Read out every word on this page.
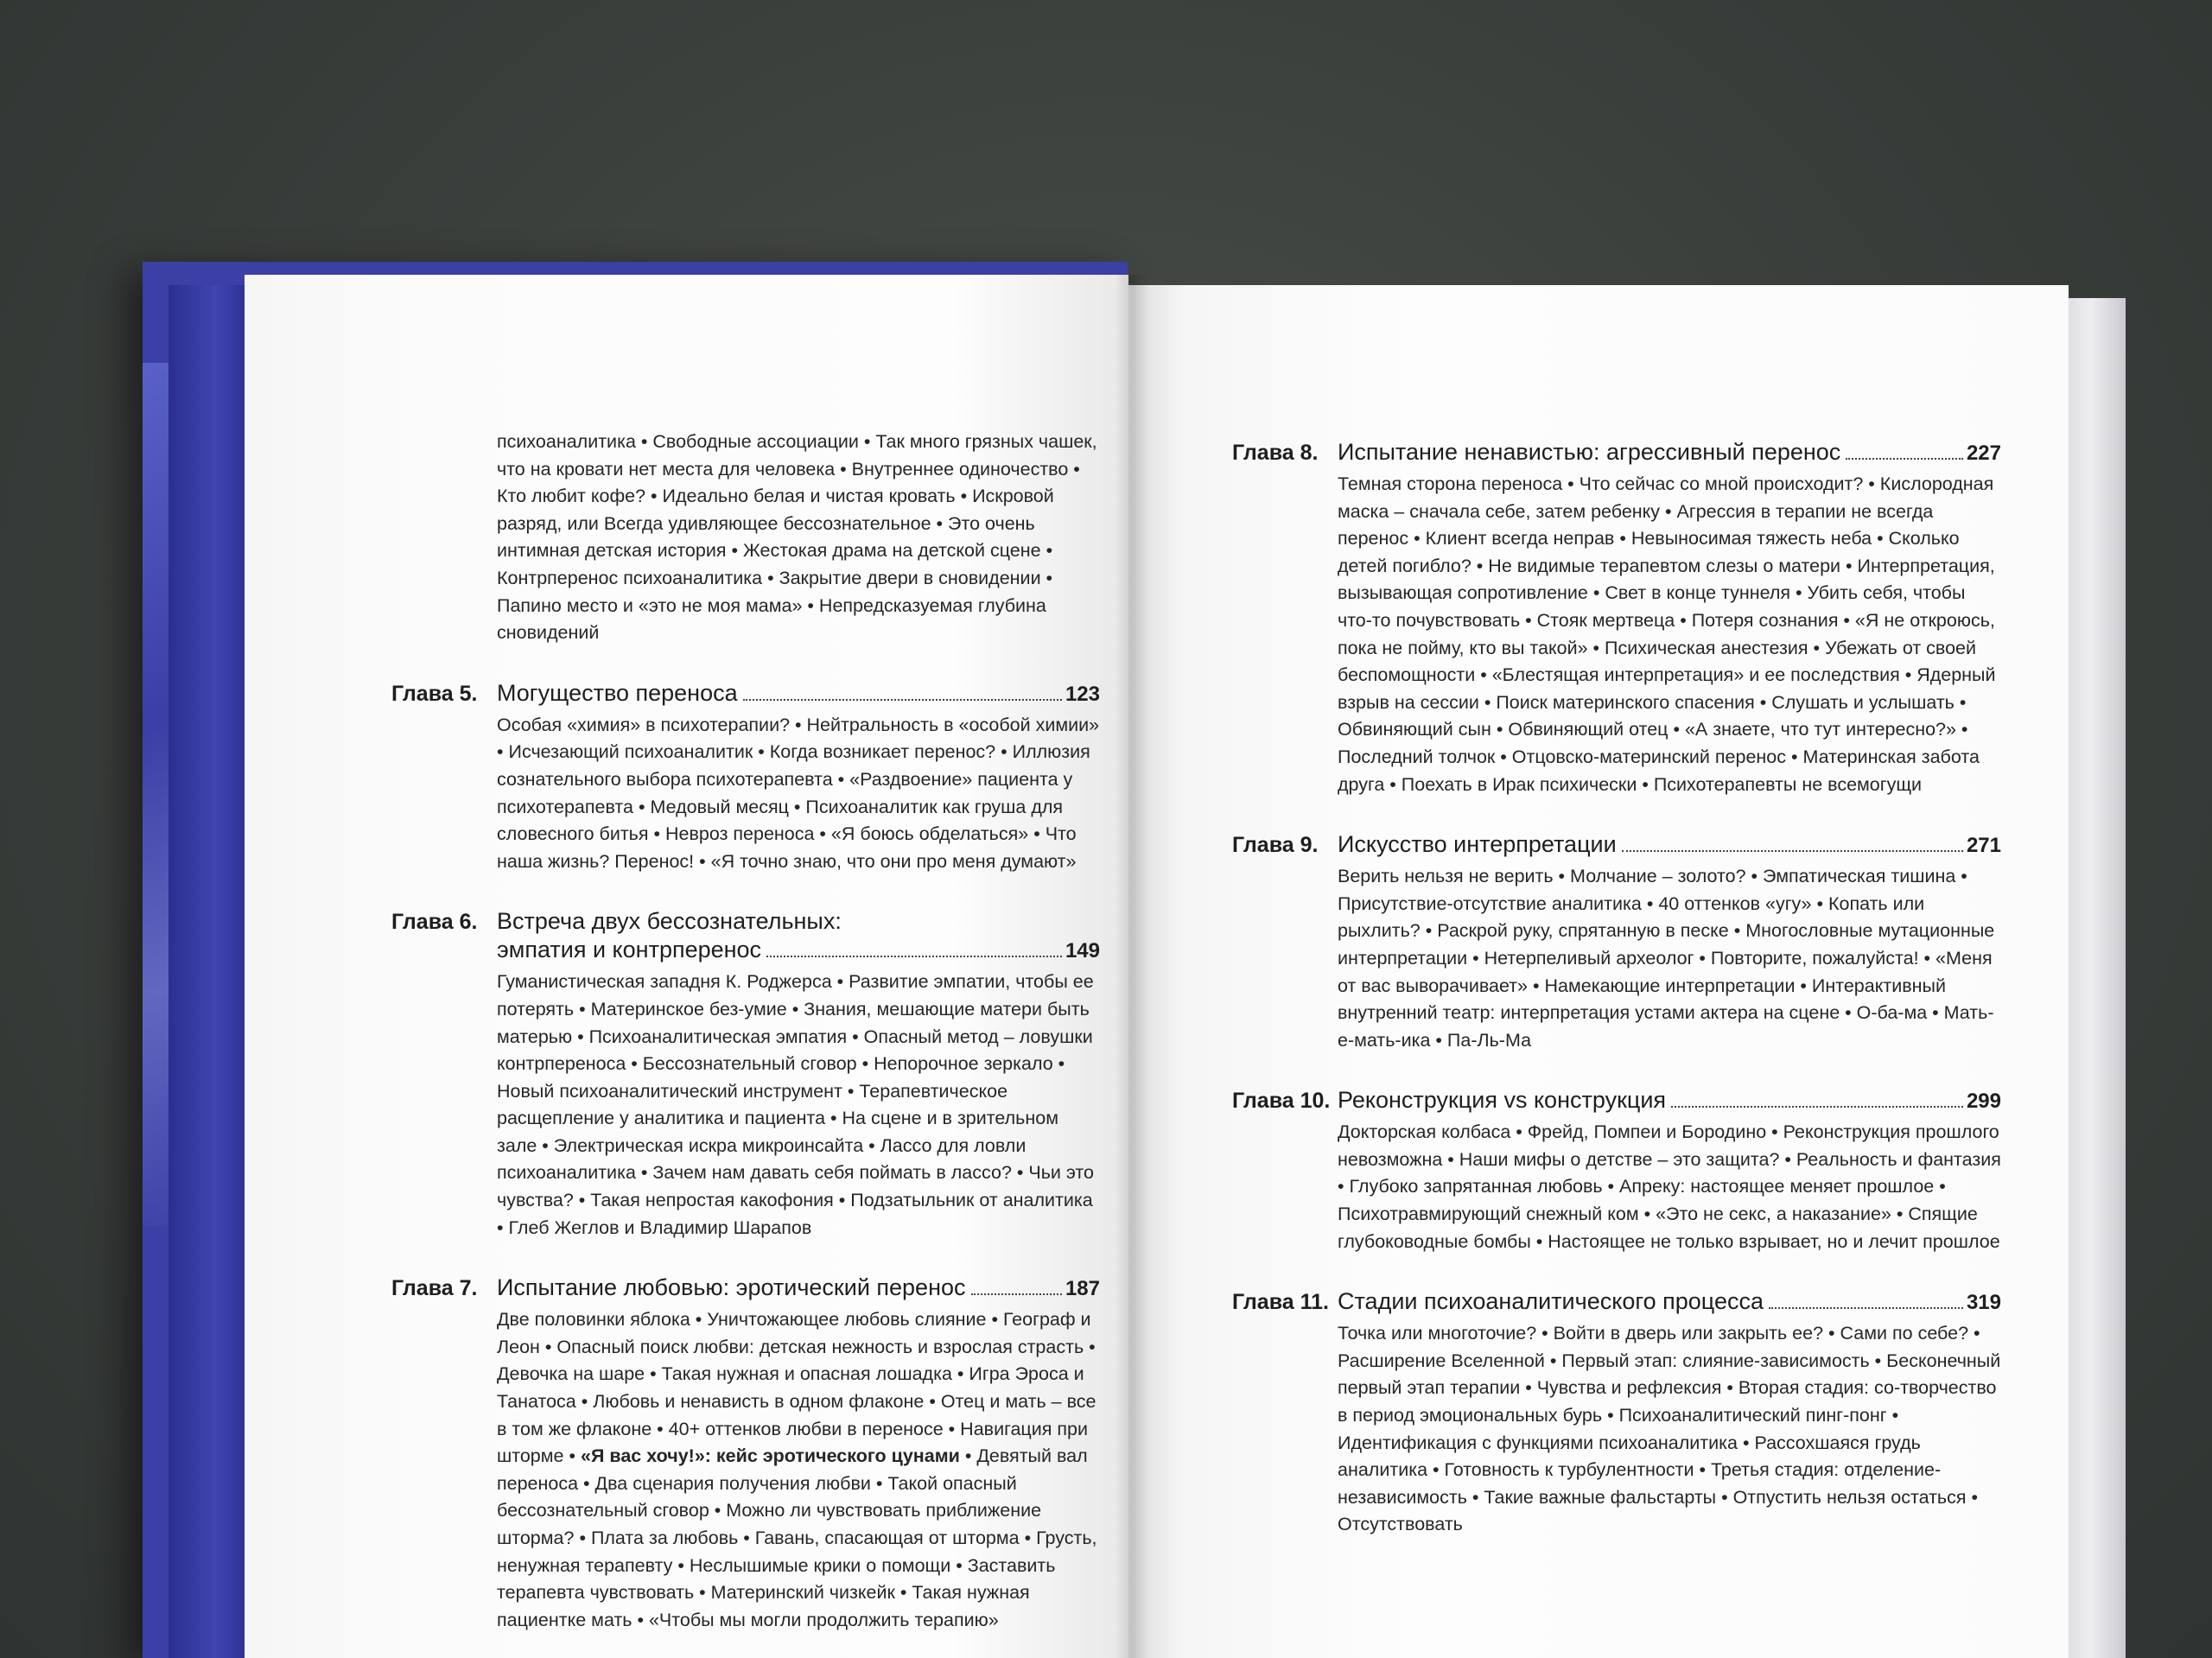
психоаналитика • Свободные ассоциации • Так много грязных чашек, что на кровати нет места для человека • Внутреннее одиночество • Кто любит кофе? • Идеально белая и чистая кровать • Искровой разряд, или Всегда удивляющее бессознательное • Это очень интимная детская история • Жестокая драма на детской сцене • Контрперенос психоаналитика • Закрытие двери в сновидении • Папино место и «это не моя мама» • Непредсказуемая глубина сновидений
Глава 5. Могущество переноса	123
Особая «химия» в психотерапии? • Нейтральность в «особой химии» • Исчезающий психоаналитик • Когда возникает перенос? • Иллюзия сознательного выбора психотерапевта • «Раздвоение» пациента у психотерапевта • Медовый месяц • Психоаналитик как груша для словесного битья • Невроз переноса • «Я боюсь обделаться» • Что наша жизнь? Перенос! • «Я точно знаю, что они про меня думают»
Глава 6. Встреча двух бессознательных:
эмпатия и контрперенос	149
Гуманистическая западня К. Роджерса • Развитие эмпатии, чтобы ее потерять • Материнское без-умие • Знания, мешающие матери быть матерью • Психоаналитическая эмпатия • Опасный метод – ловушки контрпереноса • Бессознательный сговор • Непорочное зеркало • Новый психоаналитический инструмент • Терапевтическое расщепление у аналитика и пациента • На сцене и в зрительном зале • Электрическая искра микроинсайта • Лассо для ловли психоаналитика • Зачем нам давать себя поймать в лассо? • Чьи это чувства? • Такая непростая какофония • Подзатыльник от аналитика • Глеб Жеглов и Владимир Шарапов
Глава 7. Испытание любовью: эротический перенос	187
Две половинки яблока • Уничтожающее любовь слияние • Географ и Леон • Опасный поиск любви: детская нежность и взрослая страсть • Девочка на шаре • Такая нужная и опасная лошадка • Игра Эроса и Танатоса • Любовь и ненависть в одном флаконе • Отец и мать – все в том же флаконе • 40+ оттенков любви в переносе • Навигация при шторме • «Я вас хочу!»: кейс эротического цунами • Девятый вал переноса • Два сценария получения любви • Такой опасный бессознательный сговор • Можно ли чувствовать приближение шторма? • Плата за любовь • Гавань, спасающая от шторма • Грусть, ненужная терапевту • Неслышимые крики о помощи • Заставить терапевта чувствовать • Материнский чизкейк • Такая нужная пациентке мать • «Чтобы мы могли продолжить терапию»
Глава 8. Испытание ненавистью: агрессивный перенос	227
Темная сторона переноса • Что сейчас со мной происходит? • Кислородная маска – сначала себе, затем ребенку • Агрессия в терапии не всегда перенос • Клиент всегда неправ • Невыносимая тяжесть неба • Сколько детей погибло? • Не видимые терапевтом слезы о матери • Интерпретация, вызывающая сопротивление • Свет в конце туннеля • Убить себя, чтобы что-то почувствовать • Стояк мертвеца • Потеря сознания • «Я не откроюсь, пока не пойму, кто вы такой» • Психическая анестезия • Убежать от своей беспомощности • «Блестящая интерпретация» и ее последствия • Ядерный взрыв на сессии • Поиск материнского спасения • Слушать и услышать • Обвиняющий сын • Обвиняющий отец • «А знаете, что тут интересно?» • Последний толчок • Отцовско-материнский перенос • Материнская забота друга • Поехать в Ирак психически • Психотерапевты не всемогущи
Глава 9. Искусство интерпретации	271
Верить нельзя не верить • Молчание – золото? • Эмпатическая тишина • Присутствие-отсутствие аналитика • 40 оттенков «угу» • Копать или рыхлить? • Раскрой руку, спрятанную в песке • Многословные мутационные интерпретации • Нетерпеливый археолог • Повторите, пожалуйста! • «Меня от вас выворачивает» • Намекающие интерпретации • Интерактивный внутренний театр: интерпретация устами актера на сцене • О-ба-ма • Мать-е-мать-ика • Па-Ль-Ма
Глава 10. Реконструкция vs конструкция	299
Докторская колбаса • Фрейд, Помпеи и Бородино • Реконструкция прошлого невозможна • Наши мифы о детстве – это защита? • Реальность и фантазия • Глубоко запрятанная любовь • Апреку: настоящее меняет прошлое • Психотравмирующий снежный ком • «Это не секс, а наказание» • Спящие глубоководные бомбы • Настоящее не только взрывает, но и лечит прошлое
Глава 11. Стадии психоаналитического процесса	319
Точка или многоточие? • Войти в дверь или закрыть ее? • Сами по себе? • Расширение Вселенной • Первый этап: слияние-зависимость • Бесконечный первый этап терапии • Чувства и рефлексия • Вторая стадия: со-творчество в период эмоциональных бурь • Психоаналитический пинг-понг • Идентификация с функциями психоаналитика • Рассохшаяся грудь аналитика • Готовность к турбулентности • Третья стадия: отделение-независимость • Такие важные фальстарты • Отпустить нельзя остаться • Отсутствовать
